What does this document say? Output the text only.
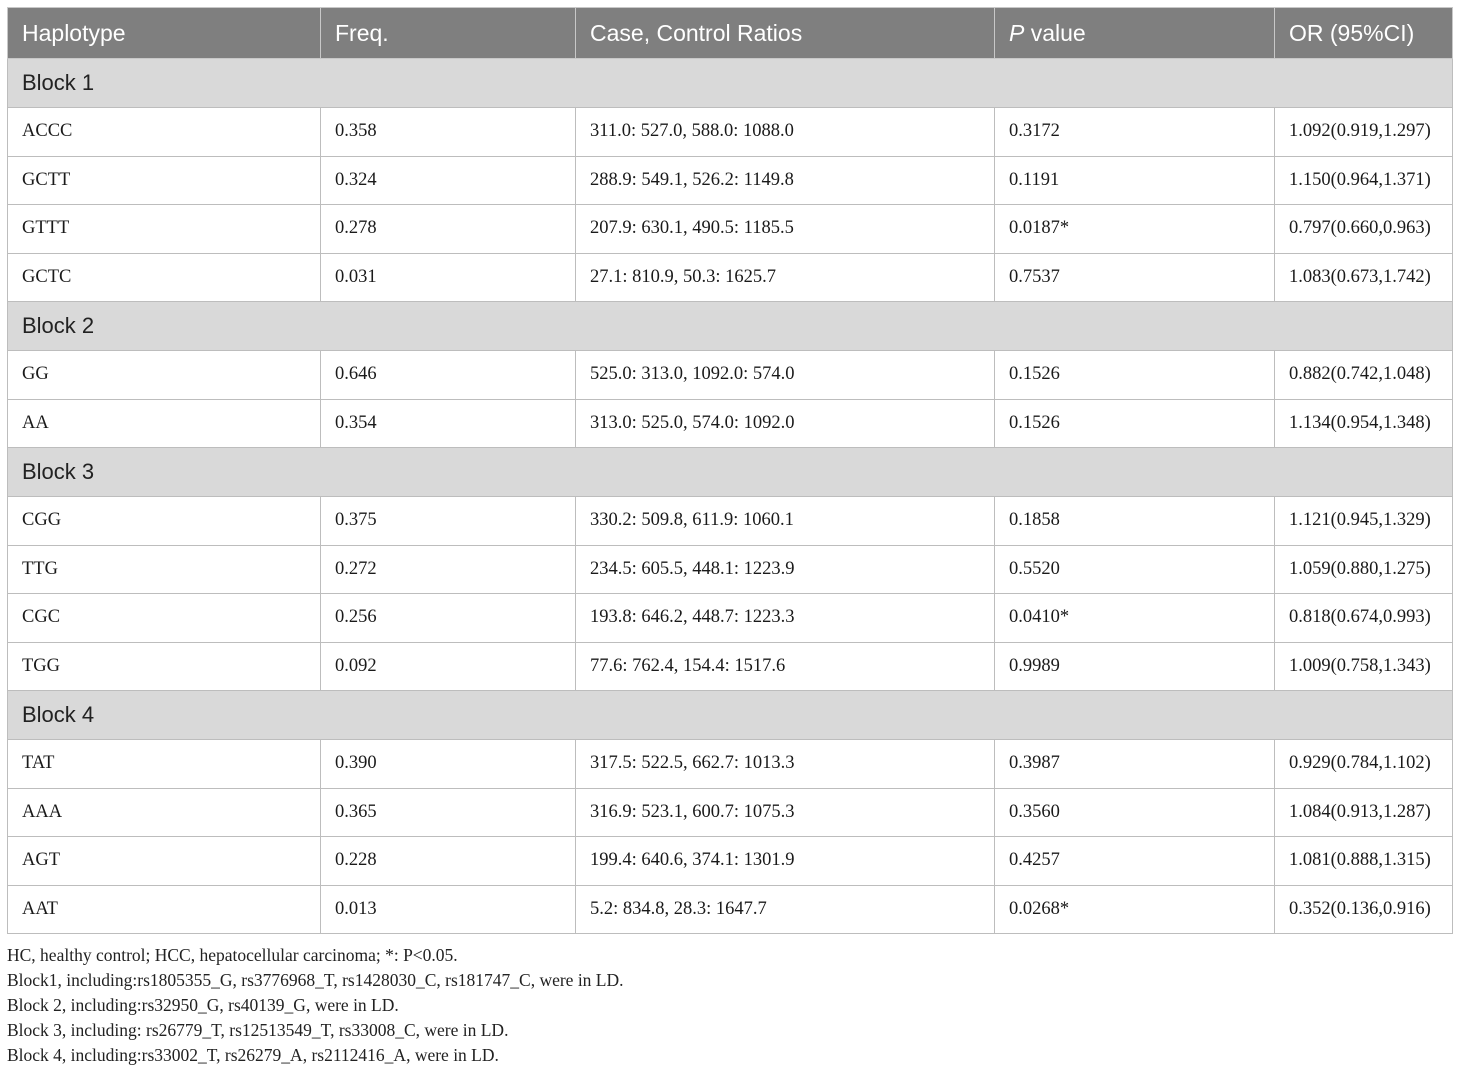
Haplotype	Freq.	Case, Control Ratios	P value	OR (95%CI)
Block 1				
ACCC	0.358	311.0: 527.0, 588.0: 1088.0	0.3172	1.092(0.919,1.297)
GCTT	0.324	288.9: 549.1, 526.2: 1149.8	0.1191	1.150(0.964,1.371)
GTTT	0.278	207.9: 630.1, 490.5: 1185.5	0.0187*	0.797(0.660,0.963)
GCTC	0.031	27.1: 810.9, 50.3: 1625.7	0.7537	1.083(0.673,1.742)
Block 2				
GG	0.646	525.0: 313.0, 1092.0: 574.0	0.1526	0.882(0.742,1.048)
AA	0.354	313.0: 525.0, 574.0: 1092.0	0.1526	1.134(0.954,1.348)
Block 3				
CGG	0.375	330.2: 509.8, 611.9: 1060.1	0.1858	1.121(0.945,1.329)
TTG	0.272	234.5: 605.5, 448.1: 1223.9	0.5520	1.059(0.880,1.275)
CGC	0.256	193.8: 646.2, 448.7: 1223.3	0.0410*	0.818(0.674,0.993)
TGG	0.092	77.6: 762.4, 154.4: 1517.6	0.9989	1.009(0.758,1.343)
Block 4				
TAT	0.390	317.5: 522.5, 662.7: 1013.3	0.3987	0.929(0.784,1.102)
AAA	0.365	316.9: 523.1, 600.7: 1075.3	0.3560	1.084(0.913,1.287)
AGT	0.228	199.4: 640.6, 374.1: 1301.9	0.4257	1.081(0.888,1.315)
AAT	0.013	5.2: 834.8, 28.3: 1647.7	0.0268*	0.352(0.136,0.916)
HC, healthy control; HCC, hepatocellular carcinoma; *: P<0.05.
Block1, including:rs1805355_G, rs3776968_T, rs1428030_C, rs181747_C, were in LD.
Block 2, including:rs32950_G, rs40139_G, were in LD.
Block 3, including: rs26779_T, rs12513549_T, rs33008_C, were in LD.
Block 4, including:rs33002_T, rs26279_A, rs2112416_A, were in LD.
